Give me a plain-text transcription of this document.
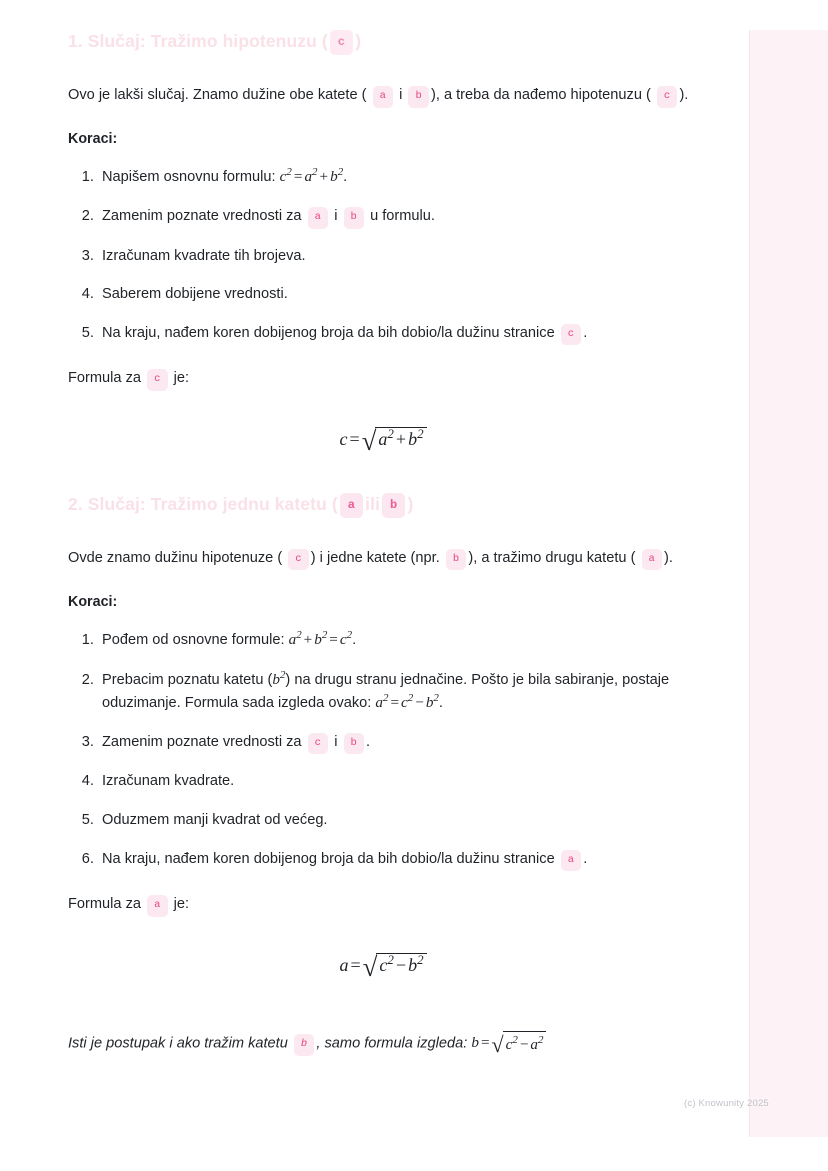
1. Slučaj: Tražimo hipotenuzu ( c )

Ovo je lakši slučaj. Znamo dužine obe katete ( a i b ), a treba da nađemo hipotenuzu ( c ).

Koraci:

1. Napišem osnovnu formulu: $c^2 = a^2 + b^2$.
2. Zamenim poznate vrednosti za a i b u formulu.
3. Izračunam kvadrate tih brojeva.
4. Saberem dobijene vrednosti.
5. Na kraju, nađem koren dobijenog broja da bih dobio/la dužinu stranice c .

Formula za c je:

c =√ $a^2 + b^2$
2. Slučaj: Tražimo jednu katetu ( a ili b )

Ovde znamo dužinu hipotenuze ( c ) i jedne katete (npr. b ), a tražimo drugu katetu ( a ).

Koraci:

1. Pođem od osnovne formule: $a^2 + b^2 = c^2$.
2. Prebacim poznatu katetu $(b^2)$ na drugu stranu jednačine. Pošto je bila sabiranje, postaje oduzimanje. Formula sada izgleda ovako: $a^2 = c^2 - b^2$.
3. Zamenim poznate vrednosti za c i b .
4. Izračunam kvadrate.
5. Oduzmem manji kvadrat od većeg.
6. Na kraju, nađem koren dobijenog broja da bih dobio/la dužinu stranice a .

Formula za a je:

a =√ $c^2 - b^2$

Isti je postupak i ako tražim katetu b , samo formula izgleda: b =√ $c^2 - a^2$

(c) Knowunity 2025
